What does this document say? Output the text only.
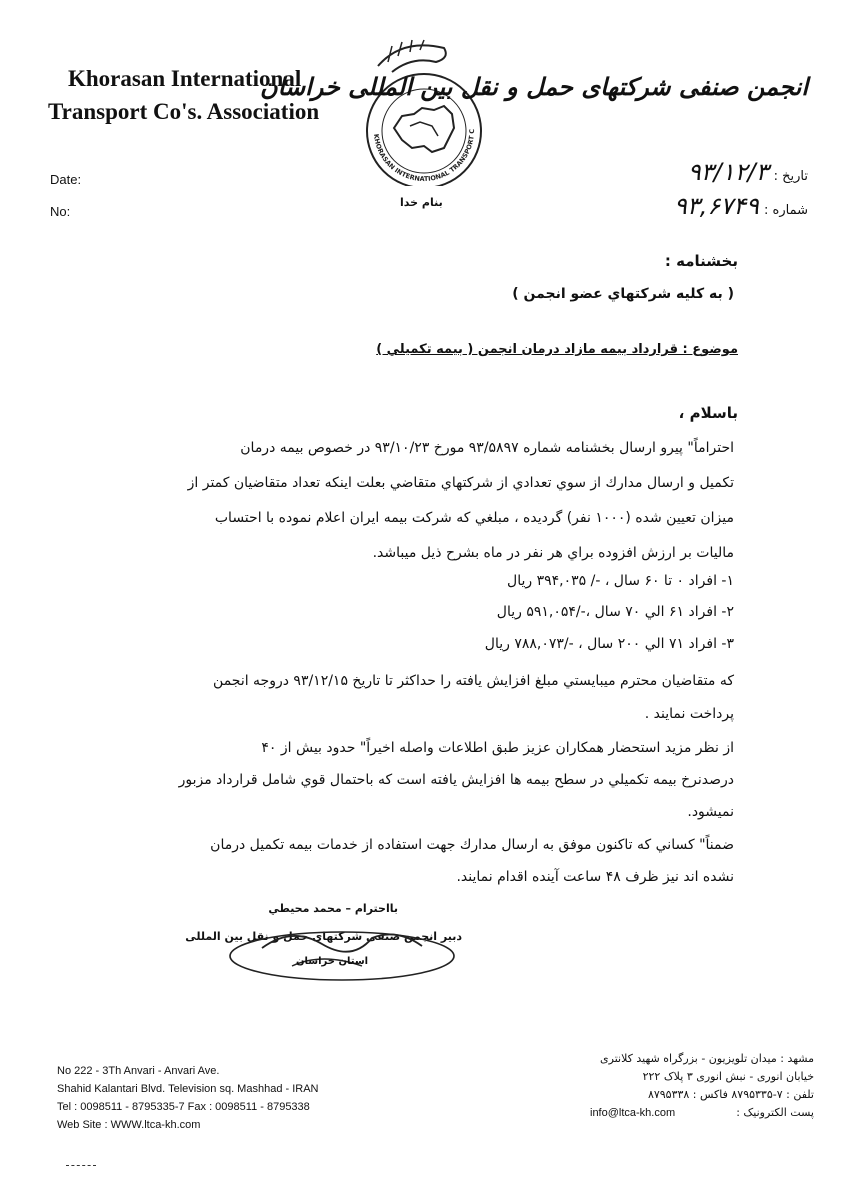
Khorasan International
Transport Co's. Association
KHORASAN INTERNATIONAL TRANSPORT C
انجمن صنفی شرکتهای حمل و نقل بین المللی خراسان
Date:
No:
تاریخ : ۹۳/۱۲/۳
شماره : ۹۳,۶۷۴۹
بنام خدا
بخشنامه :
( به کلیه شرکتهاي عضو انجمن )
موضوع : قرارداد بيمه مازاد درمان انجمن ( بيمه تكميلي )
باسلام ،
احتراماً" پيرو ارسال بخشنامه شماره ۹۳/۵۸۹۷ مورخ ۹۳/۱۰/۲۳ در خصوص بيمه درمان
تكميل و ارسال مدارك از سوي تعدادي از شركتهاي متقاضي بعلت اينكه تعداد متقاضيان كمتر از
ميزان تعيين شده (۱۰۰۰ نفر) گرديده ، مبلغي كه شركت بيمه ايران اعلام نموده با احتساب
ماليات بر ارزش افزوده براي هر نفر در ماه بشرح ذيل ميباشد.
۱- افراد ۰ تا ۶۰ سال ، -/ ۳۹۴,۰۳۵ ريال
۲- افراد ۶۱ الي ۷۰ سال ،-/۵۹۱,۰۵۴ ريال
۳- افراد ۷۱ الي ۲۰۰ سال ، -/۷۸۸,۰۷۳ ريال
كه متقاضيان محترم ميبايستي مبلغ افزايش يافته را حداكثر تا تاريخ ۹۳/۱۲/۱۵ دروجه انجمن
پرداخت نمايند .
از نظر مزيد استحضار همكاران عزيز طبق اطلاعات واصله اخيراً" حدود بيش از ۴۰
درصدنرخ بيمه تكميلي در سطح بيمه ها افزايش يافته است كه باحتمال قوي شامل قرارداد مزبور
نميشود.
ضمناً" كساني كه تاكنون موفق به ارسال مدارك جهت استفاده از خدمات بيمه تكميل درمان
نشده اند نيز ظرف ۴۸ ساعت آينده اقدام نمايند.
بااحترام – محمد محيطي
دبير انجمن صنفی شرکتهای حمل و نقل بین المللی
استان خراسان
No 222 - 3Th Anvari - Anvari Ave.
Shahid Kalantari Blvd. Television sq. Mashhad - IRAN
Tel : 0098511 - 8795335-7 Fax : 0098511 - 8795338
Web Site : WWW.ltca-kh.com
مشهد : میدان تلویزیون - بزرگراه شهید کلانتری
خیابان انوری - نبش انوری ۳ پلاک ۲۲۲
تلفن : ۷-۸۷۹۵۳۳۵ فاکس : ۸۷۹۵۳۳۸
پست الکترونیک :
info@ltca-kh.com
